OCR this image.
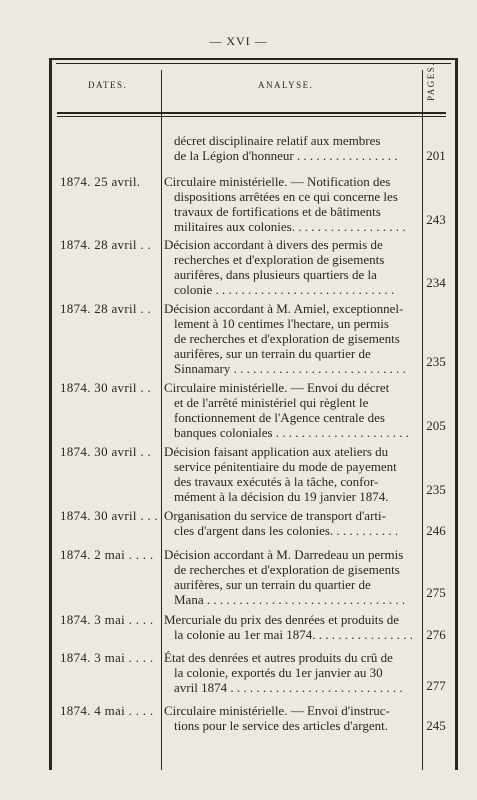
— XVI —
DATES.	ANALYSE.	PAGES.
décret disciplinaire relatif aux membres
de la Légion d'honneur . . . . . . . . . . . . . . . .	201
1874. 25 avril.	Circulaire ministérielle. — Notification des
dispositions arrêtées en ce qui concerne les
travaux de fortifications et de bâtiments
militaires aux colonies. . . . . . . . . . . . . . . . . .	243
1874. 28 avril . .	Décision accordant à divers des permis de
recherches et d'exploration de gisements
aurifères, dans plusieurs quartiers de la
colonie . . . . . . . . . . . . . . . . . . . . . . . . . . . .	234
1874. 28 avril . .	Décision accordant à M. Amiel, exceptionnel-
lement à 10 centimes l'hectare, un permis
de recherches et d'exploration de gisements
aurifères, sur un terrain du quartier de
Sinnamary . . . . . . . . . . . . . . . . . . . . . . . . . . .	235
1874. 30 avril . .	Circulaire ministérielle. — Envoi du décret
et de l'arrêté ministériel qui règlent le
fonctionnement de l'Agence centrale des
banques coloniales . . . . . . . . . . . . . . . . . . . . .	205
1874. 30 avril . .	Décision faisant application aux ateliers du
service pénitentiaire du mode de payement
des travaux exécutés à la tâche, confor-
mément à la décision du 19 janvier 1874.	235
1874. 30 avril . . . Organisation du service de transport d'arti-
cles d'argent dans les colonies. . . . . . . . . . .	246
1874. 2 mai . . . . Décision accordant à M. Darredeau un permis
de recherches et d'exploration de gisements
aurifères, sur un terrain du quartier de
Mana . . . . . . . . . . . . . . . . . . . . . . . . . . . . . . .	275
1874. 3 mai . . . . Mercuriale du prix des denrées et produits de
la colonie au 1er mai 1874. . . . . . . . . . . . . . . .	276
1874. 3 mai . . . . État des denrées et autres produits du crû de
la colonie, exportés du 1er janvier au 30
avril 1874 . . . . . . . . . . . . . . . . . . . . . . . . . . .	277
1874. 4 mai . . . . Circulaire ministérielle. — Envoi d'instruc-
tions pour le service des articles d'argent.	245
